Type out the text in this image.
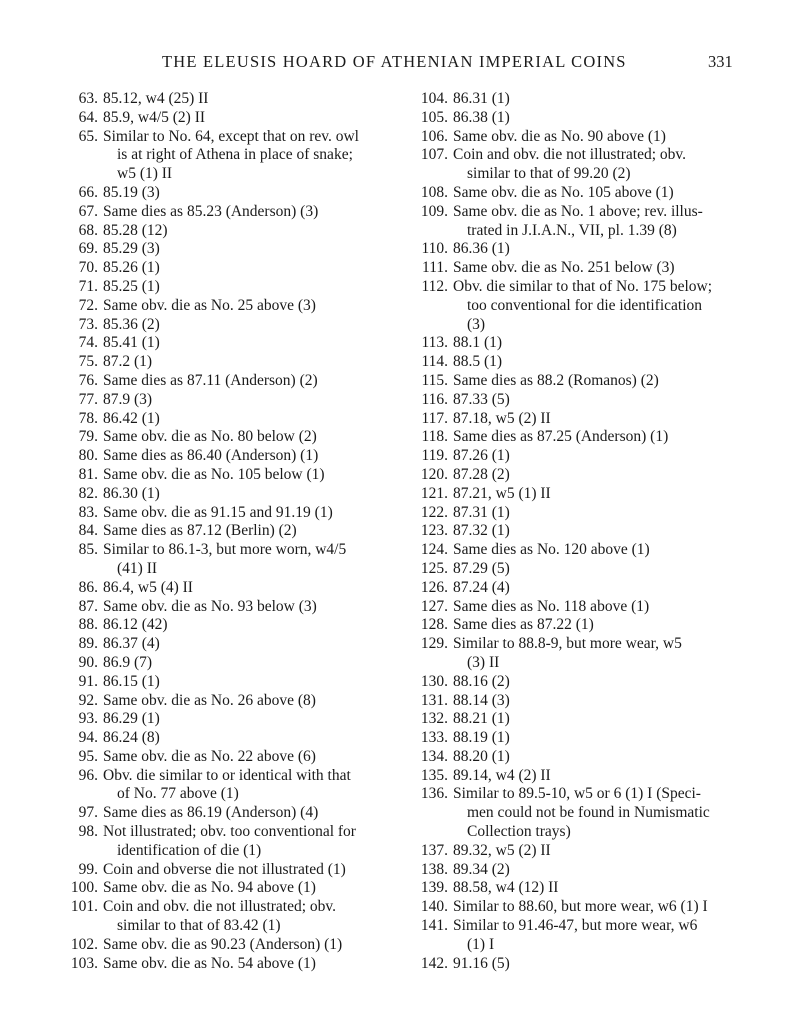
THE ELEUSIS HOARD OF ATHENIAN IMPERIAL COINS	331
63. 85.12, w4 (25) II
64. 85.9, w4/5 (2) II
65. Similar to No. 64, except that on rev. owl
is at right of Athena in place of snake;
w5 (1) II
66. 85.19 (3)
67. Same dies as 85.23 (Anderson) (3)
68. 85.28 (12)
69. 85.29 (3)
70. 85.26 (1)
71. 85.25 (1)
72. Same obv. die as No. 25 above (3)
73. 85.36 (2)
74. 85.41 (1)
75. 87.2 (1)
76. Same dies as 87.11 (Anderson) (2)
77. 87.9 (3)
78. 86.42 (1)
79. Same obv. die as No. 80 below (2)
80. Same dies as 86.40 (Anderson) (1)
81. Same obv. die as No. 105 below (1)
82. 86.30 (1)
83. Same obv. die as 91.15 and 91.19 (1)
84. Same dies as 87.12 (Berlin) (2)
85. Similar to 86.1-3, but more worn, w4/5
(41) II
86. 86.4, w5 (4) II
87. Same obv. die as No. 93 below (3)
88. 86.12 (42)
89. 86.37 (4)
90. 86.9 (7)
91. 86.15 (1)
92. Same obv. die as No. 26 above (8)
93. 86.29 (1)
94. 86.24 (8)
95. Same obv. die as No. 22 above (6)
96. Obv. die similar to or identical with that
of No. 77 above (1)
97. Same dies as 86.19 (Anderson) (4)
98. Not illustrated; obv. too conventional for
identification of die (1)
99. Coin and obverse die not illustrated (1)
100. Same obv. die as No. 94 above (1)
101. Coin and obv. die not illustrated; obv.
similar to that of 83.42 (1)
102. Same obv. die as 90.23 (Anderson) (1)
103. Same obv. die as No. 54 above (1)
104. 86.31 (1)
105. 86.38 (1)
106. Same obv. die as No. 90 above (1)
107. Coin and obv. die not illustrated; obv.
similar to that of 99.20 (2)
108. Same obv. die as No. 105 above (1)
109. Same obv. die as No. 1 above; rev. illus-
trated in J.I.A.N., VII, pl. 1.39 (8)
110. 86.36 (1)
111. Same obv. die as No. 251 below (3)
112. Obv. die similar to that of No. 175 below;
too conventional for die identification
(3)
113. 88.1 (1)
114. 88.5 (1)
115. Same dies as 88.2 (Romanos) (2)
116. 87.33 (5)
117. 87.18, w5 (2) II
118. Same dies as 87.25 (Anderson) (1)
119. 87.26 (1)
120. 87.28 (2)
121. 87.21, w5 (1) II
122. 87.31 (1)
123. 87.32 (1)
124. Same dies as No. 120 above (1)
125. 87.29 (5)
126. 87.24 (4)
127. Same dies as No. 118 above (1)
128. Same dies as 87.22 (1)
129. Similar to 88.8-9, but more wear, w5
(3) II
130. 88.16 (2)
131. 88.14 (3)
132. 88.21 (1)
133. 88.19 (1)
134. 88.20 (1)
135. 89.14, w4 (2) II
136. Similar to 89.5-10, w5 or 6 (1) I (Speci-
men could not be found in Numismatic
Collection trays)
137. 89.32, w5 (2) II
138. 89.34 (2)
139. 88.58, w4 (12) II
140. Similar to 88.60, but more wear, w6 (1) I
141. Similar to 91.46-47, but more wear, w6
(1) I
142. 91.16 (5)
